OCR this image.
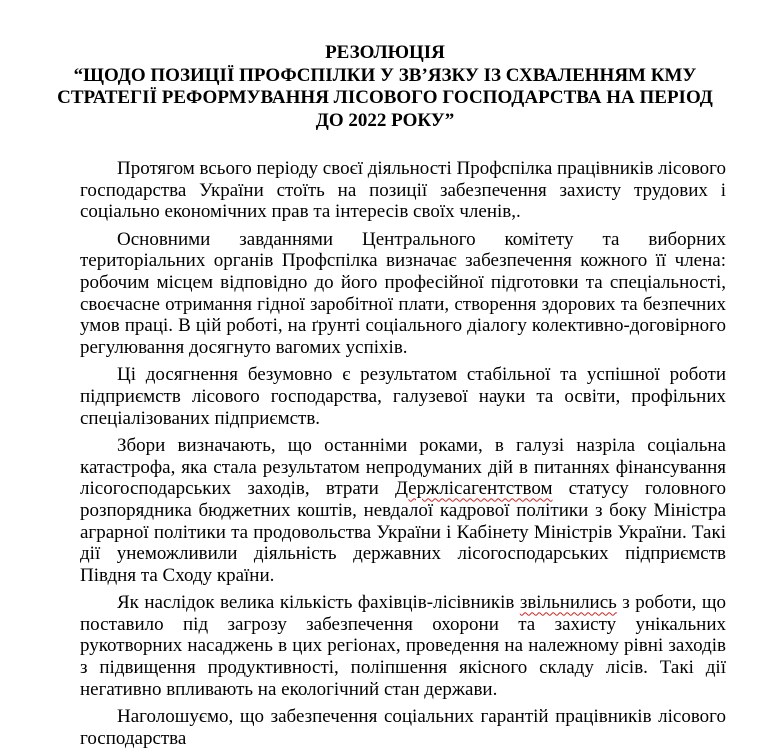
РЕЗОЛЮЦІЯ
“ЩОДО ПОЗИЦІЇ ПРОФСПІЛКИ У ЗВ’ЯЗКУ ІЗ СХВАЛЕННЯМ КМУ
СТРАТЕГІЇ РЕФОРМУВАННЯ ЛІСОВОГО ГОСПОДАРСТВА НА ПЕРІОД
ДО 2022 РОКУ”

Протягом всього періоду своєї діяльності Профспілка працівників лісового господарства України стоїть на позиції забезпечення захисту трудових і соціально економічних прав та інтересів своїх членів,.

Основними завданнями Центрального комітету та виборних територіальних органів Профспілка визначає забезпечення кожного її члена: робочим місцем відповідно до його професійної підготовки та спеціальності, своєчасне отримання гідної заробітної плати, створення здорових та безпечних умов праці. В цій роботі, на ґрунті соціального діалогу колективно-договірного регулювання досягнуто вагомих успіхів.

Ці досягнення безумовно є результатом стабільної та успішної роботи підприємств лісового господарства, галузевої науки та освіти, профільних спеціалізованих підприємств.

Збори визначають, що останніми роками, в галузі назріла соціальна катастрофа, яка стала результатом непродуманих дій в питаннях фінансування лісогосподарських заходів, втрати Держлісагентством статусу головного розпорядника бюджетних коштів, невдалої кадрової політики з боку Міністра аграрної політики та продовольства України і Кабінету Міністрів України. Такі дії унеможливили діяльність державних лісогосподарських підприємств Півдня та Сходу країни.

Як наслідок велика кількість фахівців-лісівників звільнились з роботи, що поставило під загрозу забезпечення охорони та захисту унікальних рукотворних насаджень в цих регіонах, проведення на належному рівні заходів з підвищення продуктивності, поліпшення якісного складу лісів. Такі дії негативно впливають на екологічний стан держави.

Наголошуємо, що забезпечення соціальних гарантій працівників лісового господарства
